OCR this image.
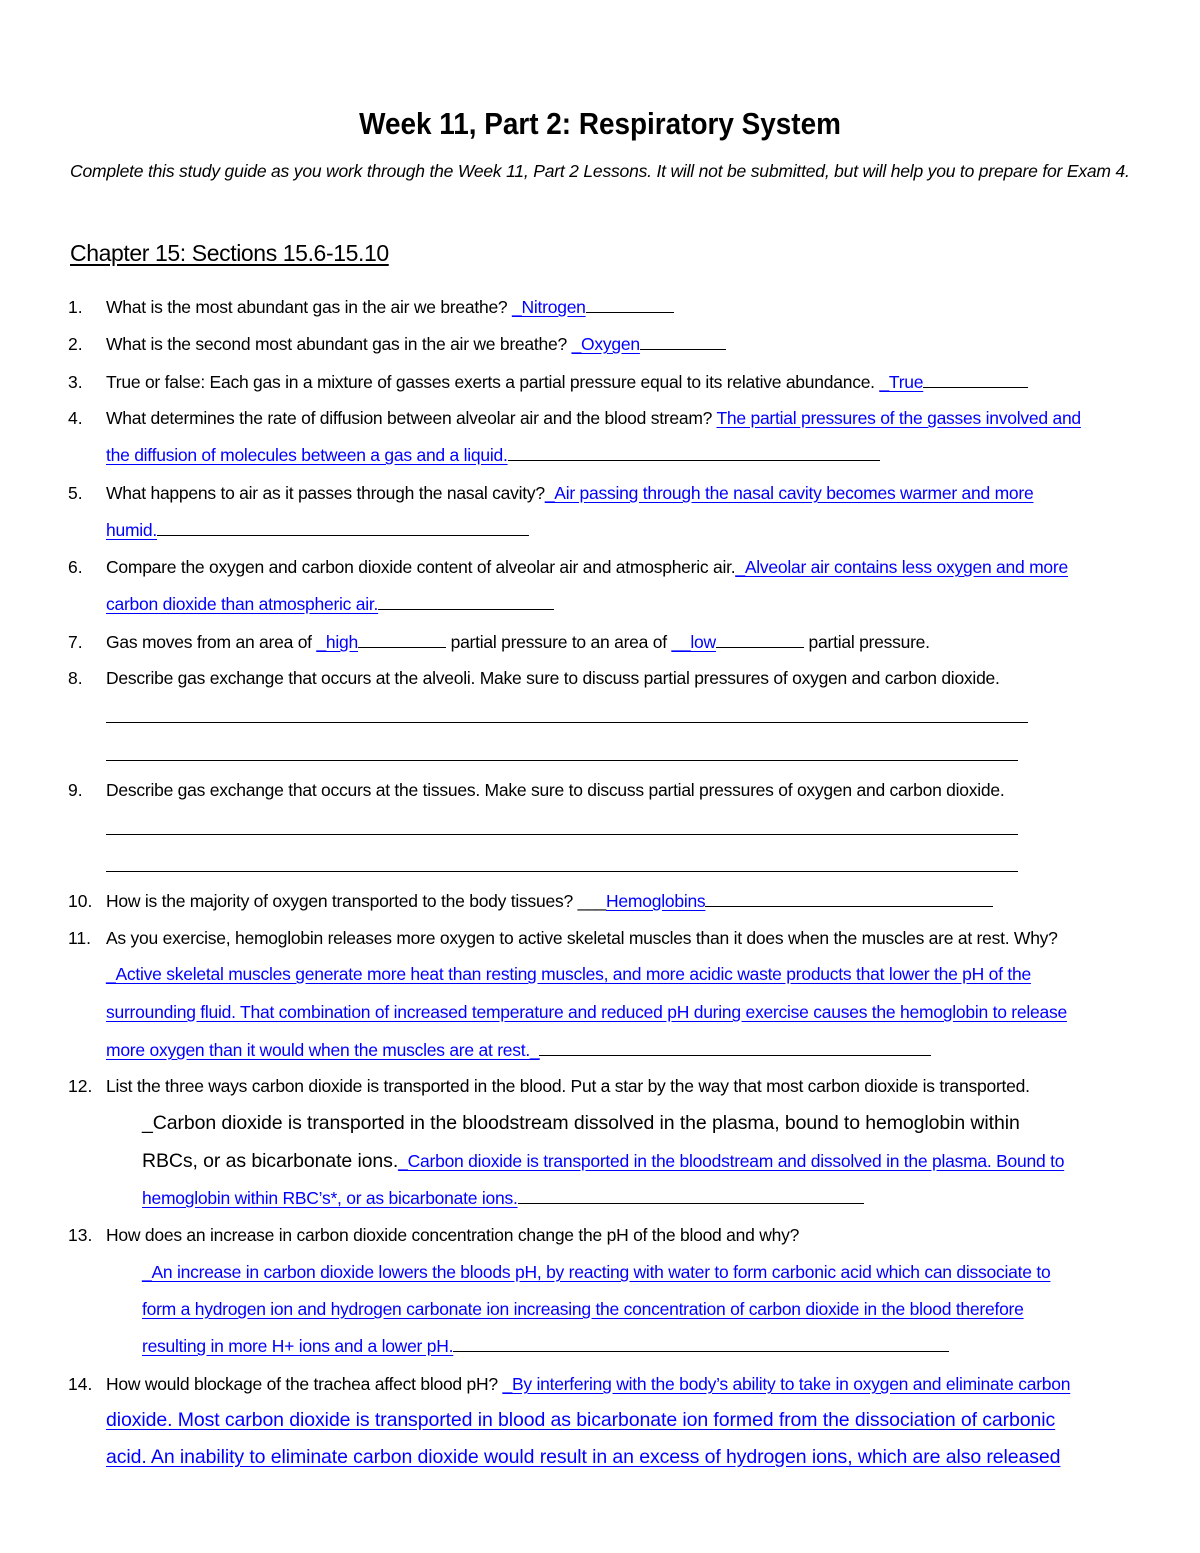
Week 11, Part 2: Respiratory System
Complete this study guide as you work through the Week 11, Part 2 Lessons. It will not be submitted, but will help you to prepare for Exam 4.
Chapter 15: Sections 15.6-15.10
1.	What is the most abundant gas in the air we breathe? _Nitrogen
2.	What is the second most abundant gas in the air we breathe? _Oxygen
3.	True or false: Each gas in a mixture of gasses exerts a partial pressure equal to its relative abundance. _True
4.	What determines the rate of diffusion between alveolar air and the blood stream? The partial pressures of the gasses involved and
the diffusion of molecules between a gas and a liquid.
5.	What happens to air as it passes through the nasal cavity?_Air passing through the nasal cavity becomes warmer and more
humid.
6.	Compare the oxygen and carbon dioxide content of alveolar air and atmospheric air._Alveolar air contains less oxygen and more
carbon dioxide than atmospheric air.
7.	Gas moves from an area of _high	partial pressure to an area of __low	partial pressure.
8.	Describe gas exchange that occurs at the alveoli. Make sure to discuss partial pressures of oxygen and carbon dioxide.
9.	Describe gas exchange that occurs at the tissues. Make sure to discuss partial pressures of oxygen and carbon dioxide.
10. How is the majority of oxygen transported to the body tissues? ___Hemoglobins
11. As you exercise, hemoglobin releases more oxygen to active skeletal muscles than it does when the muscles are at rest. Why?
_Active skeletal muscles generate more heat than resting muscles, and more acidic waste products that lower the pH of the
surrounding fluid. That combination of increased temperature and reduced pH during exercise causes the hemoglobin to release
more oxygen than it would when the muscles are at rest._
12. List the three ways carbon dioxide is transported in the blood. Put a star by the way that most carbon dioxide is transported.
_Carbon dioxide is transported in the bloodstream dissolved in the plasma, bound to hemoglobin within
RBCs, or as bicarbonate ions._Carbon dioxide is transported in the bloodstream and dissolved in the plasma. Bound to
hemoglobin within RBC’s*, or as bicarbonate ions.
13. How does an increase in carbon dioxide concentration change the pH of the blood and why?
_An increase in carbon dioxide lowers the bloods pH, by reacting with water to form carbonic acid which can dissociate to
form a hydrogen ion and hydrogen carbonate ion increasing the concentration of carbon dioxide in the blood therefore
resulting in more H+ ions and a lower pH.
14. How would blockage of the trachea affect blood pH? _By interfering with the body’s ability to take in oxygen and eliminate carbon
dioxide. Most carbon dioxide is transported in blood as bicarbonate ion formed from the dissociation of carbonic
acid. An inability to eliminate carbon dioxide would result in an excess of hydrogen ions, which are also released
